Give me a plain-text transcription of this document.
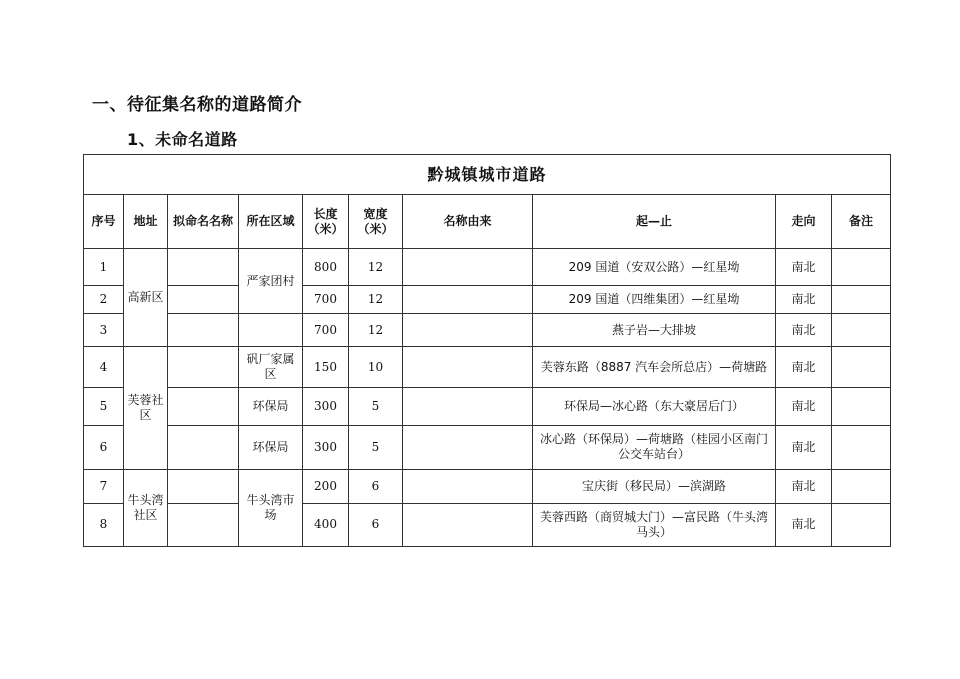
一、待征集名称的道路简介
1、未命名道路
黔城镇城市道路									
序号	地址	拟命名名称	所在区域	长度（米）	宽度（米）	名称由来	起—止	走向	备注
1	高新区		严家团村	800	12		209 国道（安双公路）—红星坳	南北	
2				700	12		209 国道（四维集团）—红星坳	南北	
3				700	12		燕子岩—大排坡	南北	
4	芙蓉社区		矾厂家属区	150	10		芙蓉东路（8887 汽车会所总店）—荷塘路	南北	
5			环保局	300	5		环保局—冰心路（东大豪居后门）	南北	
6			环保局	300	5		冰心路（环保局）—荷塘路（桂园小区南门公交车站台）	南北	
7	牛头湾社区		牛头湾市场	200	6		宝庆街（移民局）—滨湖路	南北	
8				400	6		芙蓉西路（商贸城大门）—富民路（牛头湾马头）	南北	
